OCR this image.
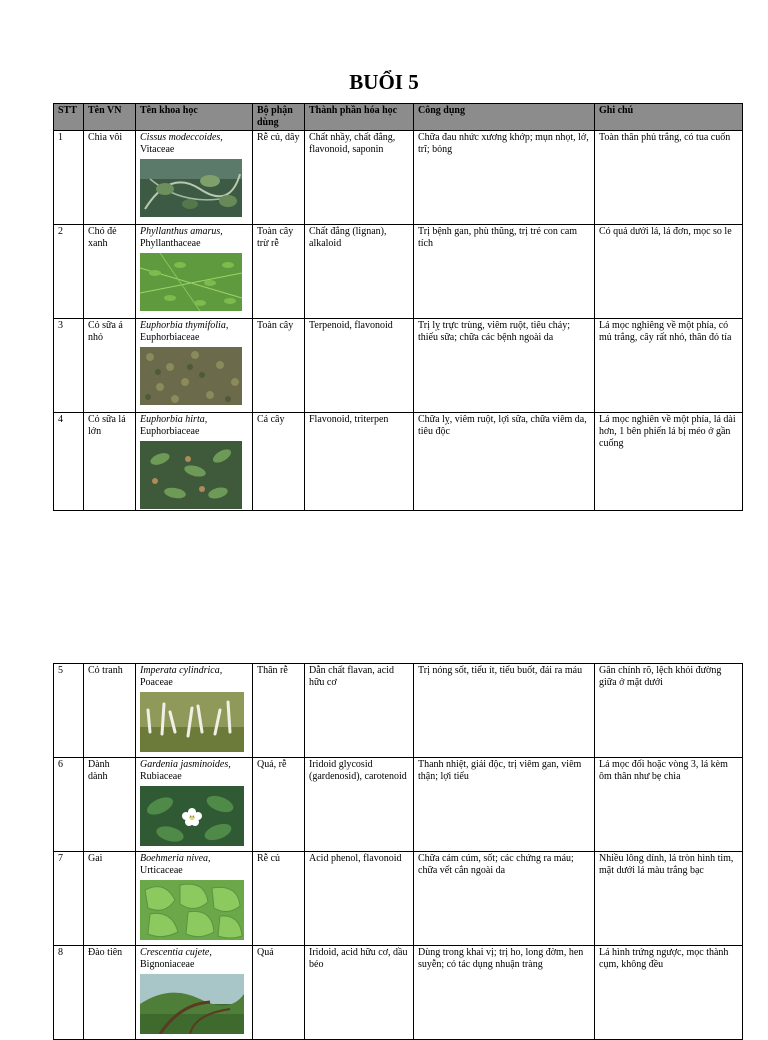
BUỔI 5
STT	Tên VN	Tên khoa học	Bộ phận dùng	Thành phần hóa học	Công dụng	Ghi chú
1	Chìa vôi	Cissus modeccoides,
Vitaceae	Rễ củ, dây	Chất nhầy, chất đắng, flavonoid, saponin	Chữa đau nhức xương khớp; mụn nhọt, lở, trĩ; bỏng	Toàn thân phủ trắng, có tua cuốn
2	Chó đẻ xanh	Phyllanthus amarus,
Phyllanthaceae	Toàn cây trừ rễ	Chất đắng (lignan), alkaloid	Trị bệnh gan, phù thũng, trị trẻ con cam tích	Có quả dưới lá, lá đơn, mọc so le
3	Cỏ sữa á nhỏ	Euphorbia thymifolia,
Euphorbiaceae	Toàn cây	Terpenoid, flavonoid	Trị lỵ trực trùng, viêm ruột, tiêu chảy; thiếu sữa; chữa các bệnh ngoài da	Lá mọc nghiêng về một phía, có mủ trắng, cây rất nhỏ, thân đỏ tía
4	Cỏ sữa lá lớn	Euphorbia hirta,
Euphorbiaceae	Cả cây	Flavonoid, triterpen	Chữa lỵ, viêm ruột, lợi sữa, chữa viêm da, tiêu độc	Lá mọc nghiên về một phía, lá dài hơn, 1 bên phiến lá bị méo ở gần cuống
5	Cỏ tranh	Imperata cylindrica,
Poaceae	Thân rễ	Dẫn chất flavan, acid hữu cơ	Trị nóng sốt, tiểu ít, tiểu buốt, đái ra máu	Gân chính rõ, lệch khỏi đường giữa ở mặt dưới
6	Dành dành	Gardenia jasminoides,
Rubiaceae	Quả, rễ	Iridoid glycosid (gardenosid), carotenoid	Thanh nhiệt, giải độc, trị viêm gan, viêm thận; lợi tiểu	Lá mọc đối hoặc vòng 3, lá kèm ôm thân như bẹ chìa
7	Gai	Boehmeria nivea,
Urticaceae	Rễ củ	Acid phenol, flavonoid	Chữa cảm cúm, sốt; các chứng ra máu; chữa vết cắn ngoài da	Nhiều lông dính, lá tròn hình tim, mặt dưới lá màu trắng bạc
8	Đào tiên	Crescentia cujete,
Bignoniaceae	Quả	Iridoid, acid hữu cơ, dầu béo	Dùng trong khai vị; trị ho, long đờm, hen suyễn; có tác dụng nhuận tràng	Lá hình trứng ngược, mọc thành cụm, không đều
